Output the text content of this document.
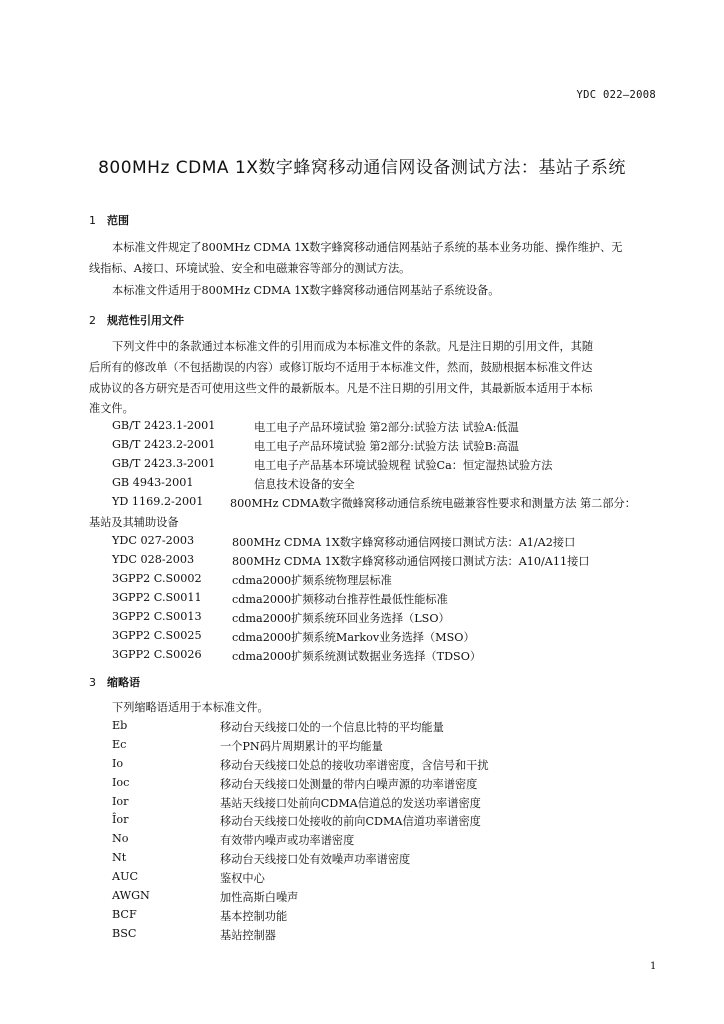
YDC 022—2008
800MHz CDMA 1X数字蜂窝移动通信网设备测试方法：基站子系统
1 范围
本标准文件规定了800MHz CDMA 1X数字蜂窝移动通信网基站子系统的基本业务功能、操作维护、无
线指标、A接口、环境试验、安全和电磁兼容等部分的测试方法。
本标准文件适用于800MHz CDMA 1X数字蜂窝移动通信网基站子系统设备。
2 规范性引用文件
下列文件中的条款通过本标准文件的引用而成为本标准文件的条款。凡是注日期的引用文件，其随
后所有的修改单（不包括勘误的内容）或修订版均不适用于本标准文件，然而，鼓励根据本标准文件达
成协议的各方研究是否可使用这些文件的最新版本。凡是不注日期的引用文件，其最新版本适用于本标
准文件。
GB/T 2423.1-2001	电工电子产品环境试验 第2部分:试验方法 试验A:低温
GB/T 2423.2-2001	电工电子产品环境试验 第2部分:试验方法 试验B:高温
GB/T 2423.3-2001	电工电子产品基本环境试验规程 试验Ca：恒定湿热试验方法
GB 4943-2001	信息技术设备的安全
YD 1169.2-2001	800MHz CDMA数字微蜂窝移动通信系统电磁兼容性要求和测量方法 第二部分：
基站及其辅助设备
YDC 027-2003	800MHz CDMA 1X数字蜂窝移动通信网接口测试方法：A1/A2接口
YDC 028-2003	800MHz CDMA 1X数字蜂窝移动通信网接口测试方法：A10/A11接口
3GPP2 C.S0002	cdma2000扩频系统物理层标准
3GPP2 C.S0011	cdma2000扩频移动台推荐性最低性能标准
3GPP2 C.S0013	cdma2000扩频系统环回业务选择（LSO）
3GPP2 C.S0025	cdma2000扩频系统Markov业务选择（MSO）
3GPP2 C.S0026	cdma2000扩频系统测试数据业务选择（TDSO）
3 缩略语
下列缩略语适用于本标准文件。
Eb	移动台天线接口处的一个信息比特的平均能量
Ec	一个PN码片周期累计的平均能量
Io	移动台天线接口处总的接收功率谱密度，含信号和干扰
Ioc	移动台天线接口处测量的带内白噪声源的功率谱密度
Ior	基站天线接口处前向CDMA信道总的发送功率谱密度
Îor	移动台天线接口处接收的前向CDMA信道功率谱密度
No	有效带内噪声或功率谱密度
Nt	移动台天线接口处有效噪声功率谱密度
AUC	鉴权中心
AWGN	加性高斯白噪声
BCF	基本控制功能
BSC	基站控制器
1
